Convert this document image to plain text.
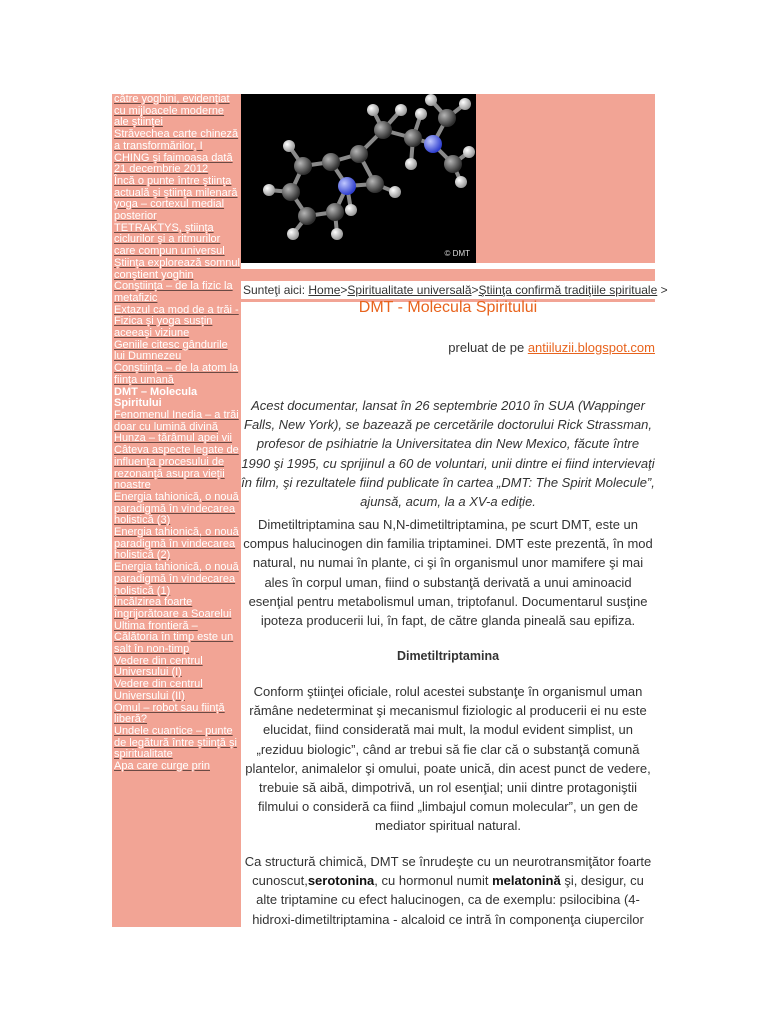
către yoghini, evidențiat cu mijloacele moderne ale științei
Străvechea carte chineză a transformărilor, I CHING și faimoasa dată 21 decembrie 2012
Încă o punte între știința actuală și știința milenară yoga – cortexul medial posterior
TETRAKTYS, știința ciclurilor și a ritmurilor care compun universul
Știința explorează somnul conștient yoghin
Conștiința – de la fizic la metafizic
Extazul ca mod de a trăi - Fizica și yoga susțin aceeași viziune
Geniile citesc gândurile lui Dumnezeu
Conștiința – de la atom la ființa umană
DMT – Molecula Spiritului
Fenomenul Inedia – a trăi doar cu lumină divină
Hunza – tărâmul apei vii
Câteva aspecte legate de influența procesului de rezonanță asupra vieții noastre
Energia tahionică, o nouă paradigmă în vindecarea holistică (3)
Energia tahionică, o nouă paradigmă în vindecarea holistică (2)
Energia tahionică, o nouă paradigmă în vindecarea holistică (1)
Încălzirea foarte îngrijorătoare a Soarelui
Ultima frontieră – Călătoria în timp este un salt în non-timp
Vedere din centrul Universului (I)
Vedere din centrul Universului (II)
Omul – robot sau ființă liberă?
Undele cuantice – punte de legătură între știință și spiritualitate
Apa care curge prin
© DMT
Sunteţi aici: Home>Spiritualitate universală>Ştiinţa confirmă tradiţiile spirituale >
DMT - Molecula Spiritului
preluat de pe antiiluzii.blogspot.com

Acest documentar, lansat în 26 septembrie 2010 în SUA (Wappinger Falls, New York), se bazează pe cercetările doctorului Rick Strassman, profesor de psihiatrie la Universitatea din New Mexico, făcute între 1990 şi 1995, cu sprijinul a 60 de voluntari, unii dintre ei fiind intervievaţi în film, şi rezultatele fiind publicate în cartea „DMT: The Spirit Molecule”, ajunsă, acum, la a XV-a ediţie.

Dimetiltriptamina sau N,N-dimetiltriptamina, pe scurt DMT, este un compus halucinogen din familia triptaminei. DMT este prezentă, în mod natural, nu numai în plante, ci şi în organismul unor mamifere şi mai ales în corpul uman, fiind o substanţă derivată a unui aminoacid esenţial pentru metabolismul uman, triptofanul. Documentarul susţine ipoteza producerii lui, în fapt, de către glanda pineală sau epifiza.

Dimetiltriptamina

Conform ştiinţei oficiale, rolul acestei substanţe în organismul uman rămâne nedeterminat şi mecanismul fiziologic al producerii ei nu este elucidat, fiind considerată mai mult, la modul evident simplist, un „reziduu biologic”, când ar trebui să fie clar că o substanţă comună plantelor, animalelor şi omului, poate unică, din acest punct de vedere, trebuie să aibă, dimpotrivă, un rol esenţial; unii dintre protagoniştii filmului o consideră ca fiind „limbajul comun molecular”, un gen de mediator spiritual natural.

Ca structură chimică, DMT se înrudeşte cu un neurotransmiţător foarte cunoscut,serotonina, cu hormonul numit melatonină şi, desigur, cu alte triptamine cu efect halucinogen, ca de exemplu: psilocibina (4-hidroxi-dimetiltriptamina - alcaloid ce intră în componenţa ciupercilor
